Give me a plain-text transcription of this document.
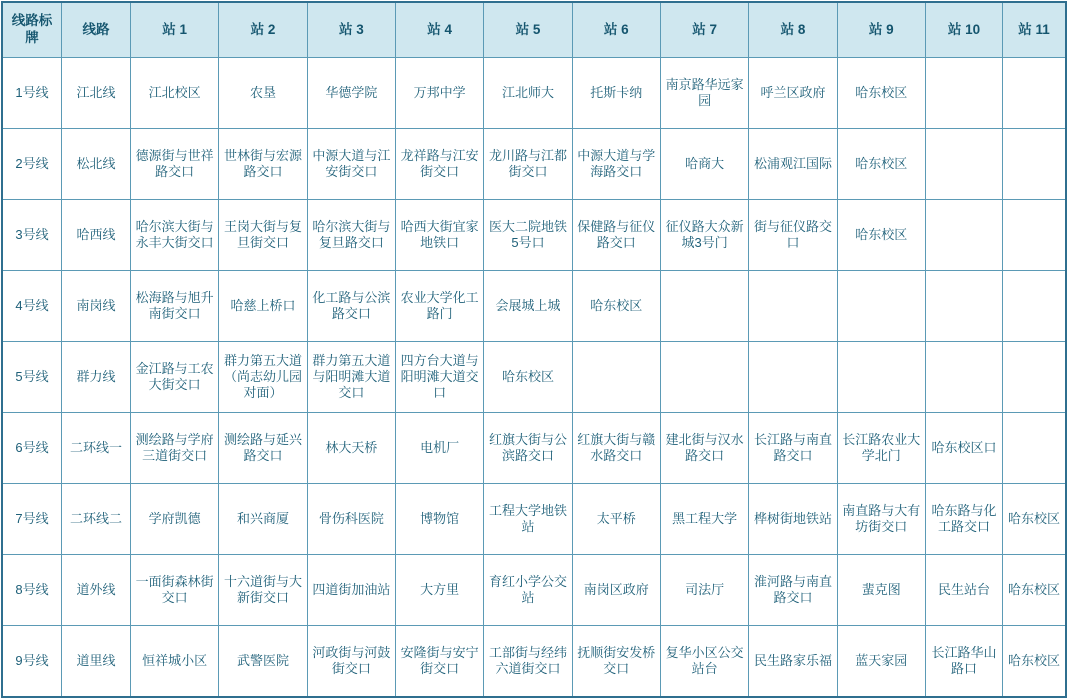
线路标牌	线路	站 1	站 2	站 3	站 4	站 5	站 6	站 7	站 8	站 9	站 10	站 11
1号线	江北线	江北校区	农垦	华德学院	万邦中学	江北师大	托斯卡纳	南京路华远家园	呼兰区政府	哈东校区		
2号线	松北线	德源街与世祥路交口	世林街与宏源路交口	中源大道与江安街交口	龙祥路与江安街交口	龙川路与江都街交口	中源大道与学海路交口	哈商大	松浦观江国际	哈东校区		
3号线	哈西线	哈尔滨大街与永丰大街交口	王岗大街与复旦街交口	哈尔滨大街与复旦路交口	哈西大街宜家地铁口	医大二院地铁5号口	保健路与征仪路交口	征仪路大众新城3号门	街与征仪路交口	哈东校区		
4号线	南岗线	松海路与旭升南街交口	哈慈上桥口	化工路与公滨路交口	农业大学化工路门	会展城上城	哈东校区					
5号线	群力线	金江路与工农大街交口	群力第五大道（尚志幼儿园对面）	群力第五大道与阳明滩大道交口	四方台大道与阳明滩大道交口	哈东校区						
6号线	二环线一	测绘路与学府三道街交口	测绘路与延兴路交口	林大天桥	电机厂	红旗大街与公滨路交口	红旗大街与赣水路交口	建北街与汉水路交口	长江路与南直路交口	长江路农业大学北门	哈东校区口	
7号线	二环线二	学府凯德	和兴商厦	骨伤科医院	博物馆	工程大学地铁站	太平桥	黑工程大学	桦树街地铁站	南直路与大有坊街交口	哈东路与化工路交口	哈东校区
8号线	道外线	一面街森林街交口	十六道街与大新街交口	四道街加油站	大方里	育红小学公交站	南岗区政府	司法厅	淮河路与南直路交口	蜚克图	民生站台	哈东校区
9号线	道里线	恒祥城小区	武警医院	河政街与河鼓街交口	安隆街与安宁街交口	工部街与经纬六道街交口	抚顺街安发桥交口	复华小区公交站台	民生路家乐福	蓝天家园	长江路华山路口	哈东校区
